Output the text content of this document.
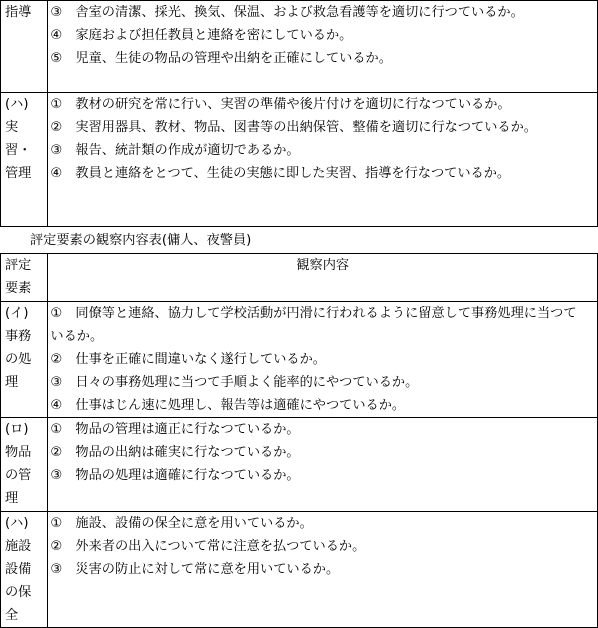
指導	③　舎室の清潔、採光、換気、保温、および救急看護等を適切に行つているか。
④　家庭および担任教員と連絡を密にしているか。
⑤　児童、生徒の物品の管理や出納を正確にしているか。

(ハ)
実
習・
管理	①　教材の研究を常に行い、実習の準備や後片付けを適切に行なつているか。
②　実習用器具、教材、物品、図書等の出納保管、整備を適切に行なつているか。
③　報告、統計類の作成が適切であるか。
④　教員と連絡をとつて、生徒の実態に即した実習、指導を行なつているか。
評定要素の観察内容表(傭人、夜警員)
評定
要素	観察内容

(イ)
事務
の処
理	①　同僚等と連絡、協力して学校活動が円滑に行われるように留意して事務処理に当つているか。
②　仕事を正確に間違いなく遂行しているか。
③　日々の事務処理に当つて手順よく能率的にやつているか。
④　仕事はじん速に処理し、報告等は適確にやつているか。

(ロ)
物品
の管
理	①　物品の管理は適正に行なつているか。
②　物品の出納は確実に行なつているか。
③　物品の処理は適確に行なつているか。

(ハ)
施設
設備
の保
全	①　施設、設備の保全に意を用いているか。
②　外来者の出入について常に注意を払つているか。
③　災害の防止に対して常に意を用いているか。
